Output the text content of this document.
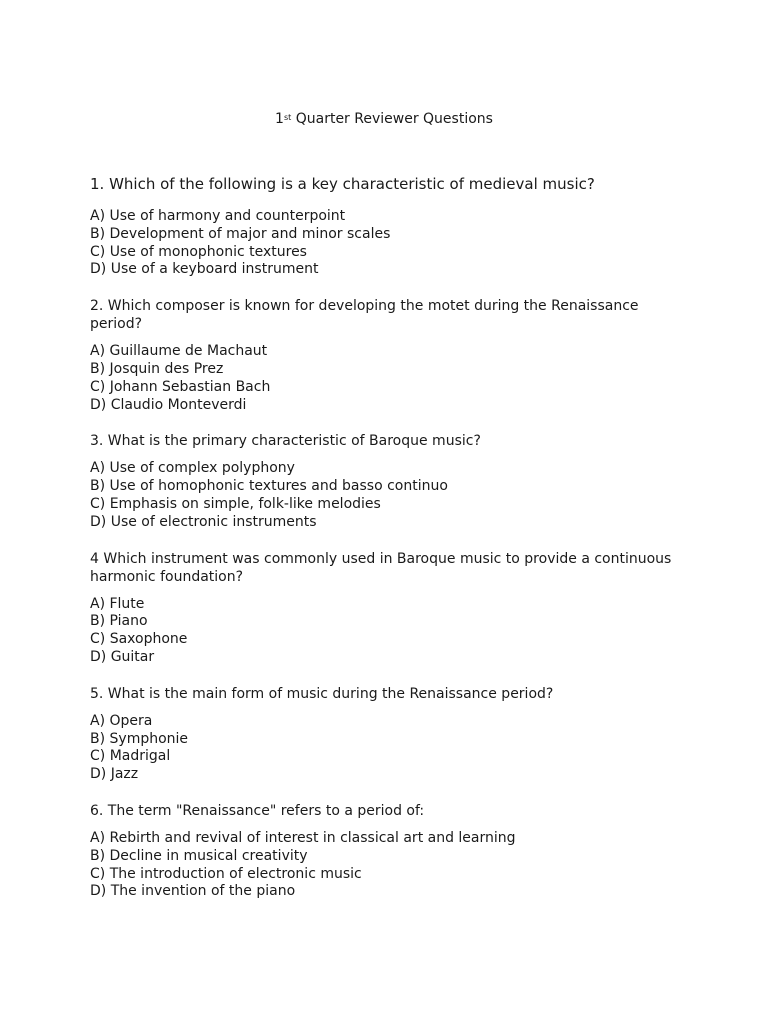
1st Quarter Reviewer Questions

1. Which of the following is a key characteristic of medieval music?

A) Use of harmony and counterpoint

B) Development of major and minor scales

C) Use of monophonic textures

D) Use of a keyboard instrument

2. Which composer is known for developing the motet during the Renaissance period?

A) Guillaume de Machaut

B) Josquin des Prez

C) Johann Sebastian Bach

D) Claudio Monteverdi

3. What is the primary characteristic of Baroque music?

A) Use of complex polyphony

B) Use of homophonic textures and basso continuo

C) Emphasis on simple, folk-like melodies

D) Use of electronic instruments

4 Which instrument was commonly used in Baroque music to provide a continuous harmonic foundation?

A) Flute

B) Piano

C) Saxophone

D) Guitar

5. What is the main form of music during the Renaissance period?

A) Opera

B) Symphonie

C) Madrigal

D) Jazz

6. The term "Renaissance" refers to a period of:

A) Rebirth and revival of interest in classical art and learning

B) Decline in musical creativity

C) The introduction of electronic music

D) The invention of the piano
